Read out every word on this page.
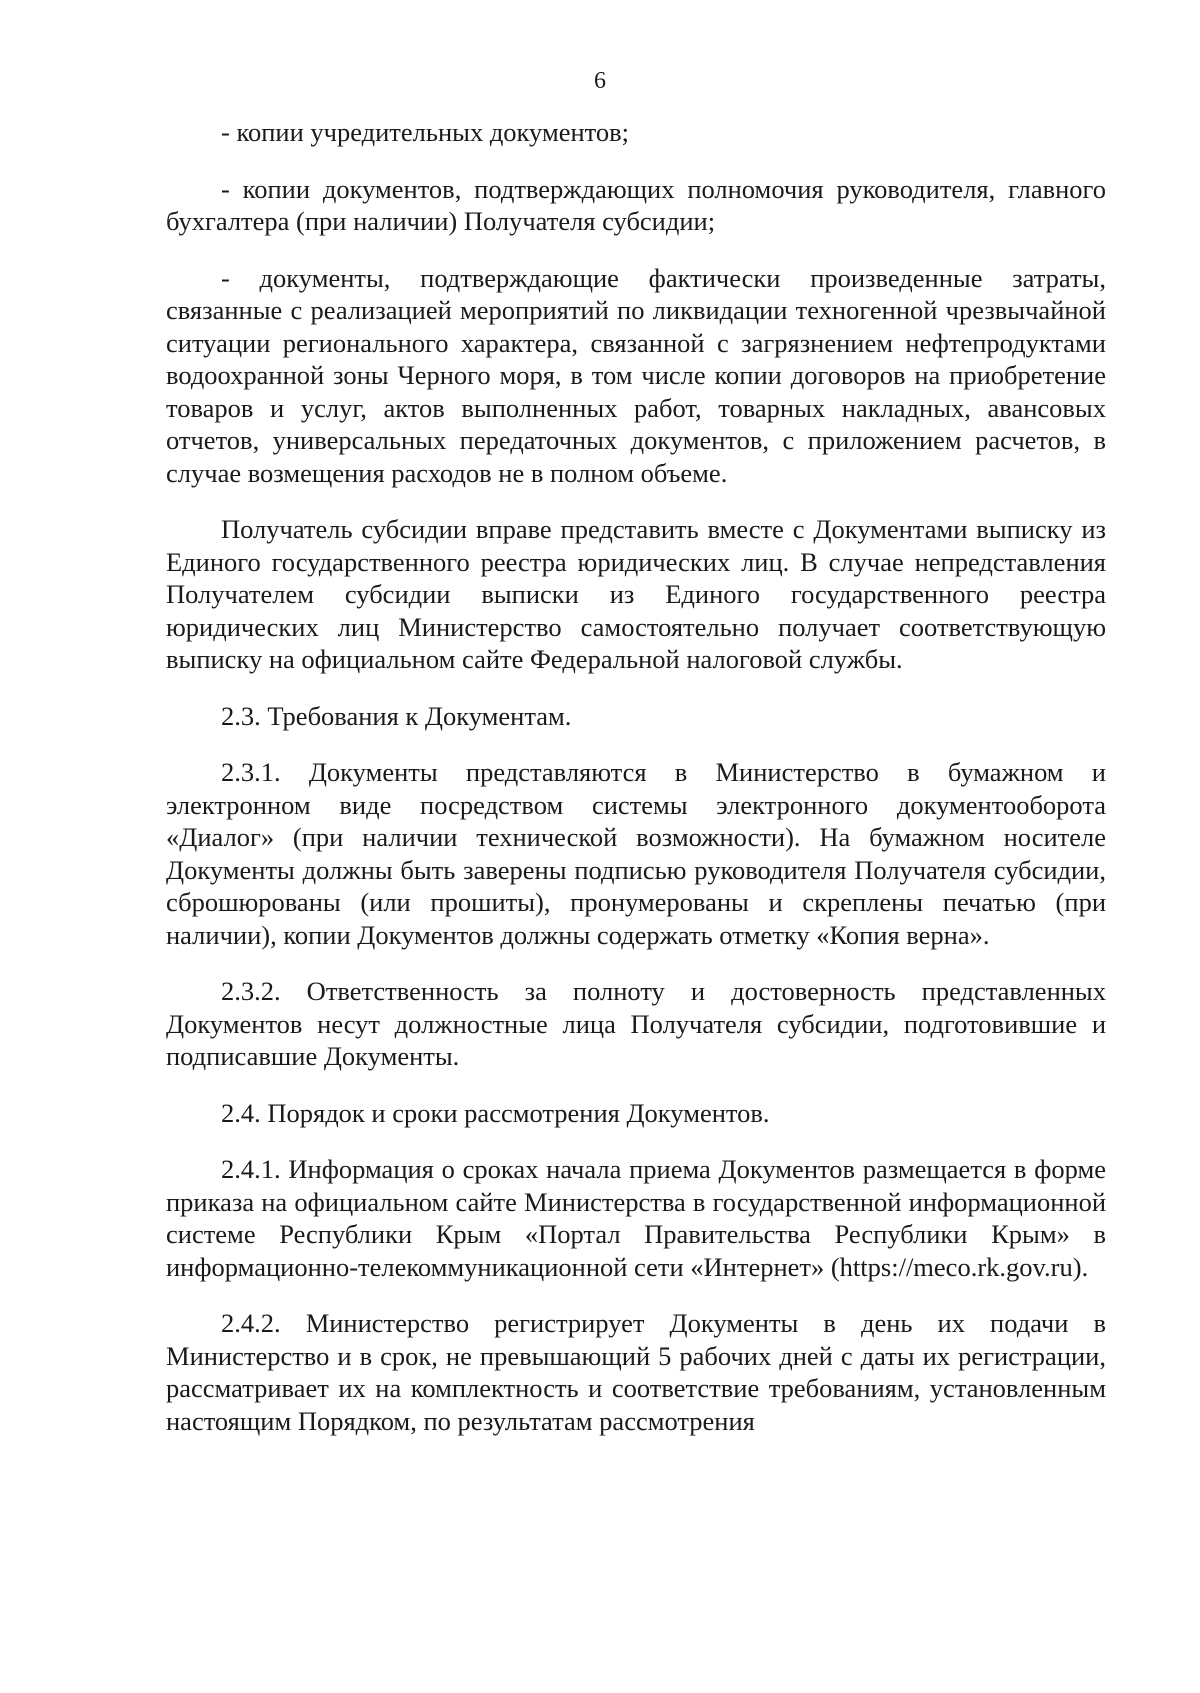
6

- копии учредительных документов;

- копии документов, подтверждающих полномочия руководителя, главного бухгалтера (при наличии) Получателя субсидии;

- документы, подтверждающие фактически произведенные затраты, связанные с реализацией мероприятий по ликвидации техногенной чрезвычайной ситуации регионального характера, связанной с загрязнением нефтепродуктами водоохранной зоны Черного моря, в том числе копии договоров на приобретение товаров и услуг, актов выполненных работ, товарных накладных, авансовых отчетов, универсальных передаточных документов, с приложением расчетов, в случае возмещения расходов не в полном объеме.

Получатель субсидии вправе представить вместе с Документами выписку из Единого государственного реестра юридических лиц. В случае непредставления Получателем субсидии выписки из Единого государственного реестра юридических лиц Министерство самостоятельно получает соответствующую выписку на официальном сайте Федеральной налоговой службы.

2.3. Требования к Документам.

2.3.1. Документы представляются в Министерство в бумажном и электронном виде посредством системы электронного документооборота «Диалог» (при наличии технической возможности). На бумажном носителе Документы должны быть заверены подписью руководителя Получателя субсидии, сброшюрованы (или прошиты), пронумерованы и скреплены печатью (при наличии), копии Документов должны содержать отметку «Копия верна».

2.3.2. Ответственность за полноту и достоверность представленных Документов несут должностные лица Получателя субсидии, подготовившие и подписавшие Документы.

2.4. Порядок и сроки рассмотрения Документов.

2.4.1. Информация о сроках начала приема Документов размещается в форме приказа на официальном сайте Министерства в государственной информационной системе Республики Крым «Портал Правительства Республики Крым» в информационно-телекоммуникационной сети «Интернет» (https://meco.rk.gov.ru).

2.4.2. Министерство регистрирует Документы в день их подачи в Министерство и в срок, не превышающий 5 рабочих дней с даты их регистрации, рассматривает их на комплектность и соответствие требованиям, установленным настоящим Порядком, по результатам рассмотрения
